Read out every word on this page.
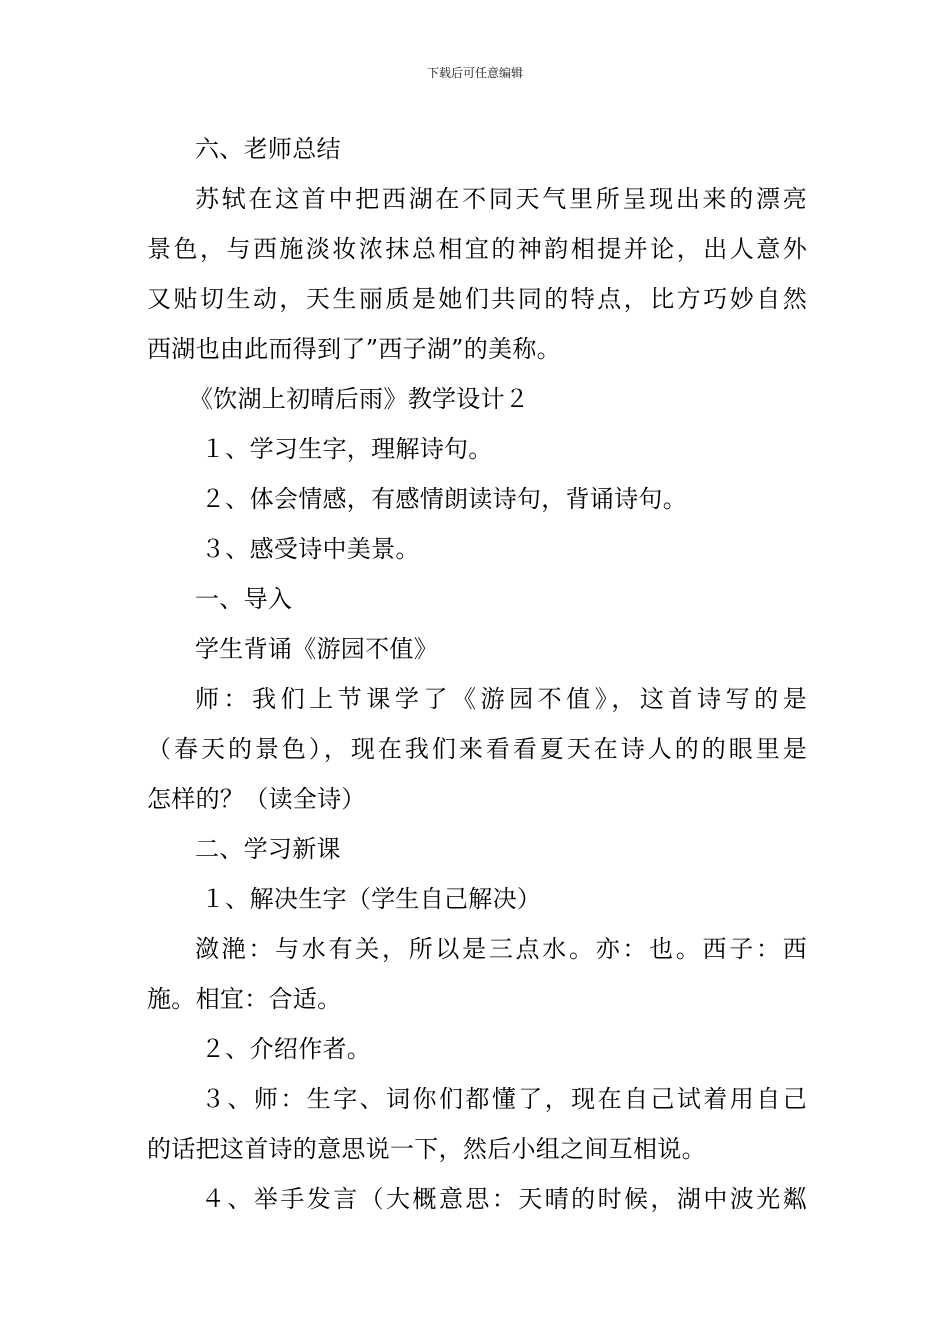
下载后可任意编辑
六、老师总结
苏轼在这首中把西湖在不同天气里所呈现出来的漂亮
景色，与西施淡妆浓抹总相宜的神韵相提并论，出人意外
又贴切生动，天生丽质是她们共同的特点，比方巧妙自然
西湖也由此而得到了”西子湖”的美称。
《饮湖上初晴后雨》教学设计２
１、学习生字，理解诗句。
２、体会情感，有感情朗读诗句，背诵诗句。
３、感受诗中美景。
一、导入
学生背诵《游园不值》
师：我们上节课学了《游园不值》，这首诗写的是
（春天的景色），现在我们来看看夏天在诗人的的眼里是
怎样的？（读全诗）
二、学习新课
１、解决生字（学生自己解决）
潋滟：与水有关，所以是三点水。亦：也。西子：西
施。相宜：合适。
２、介绍作者。
３、师：生字、词你们都懂了，现在自己试着用自己
的话把这首诗的意思说一下，然后小组之间互相说。
４、举手发言（大概意思：天晴的时候，湖中波光粼
